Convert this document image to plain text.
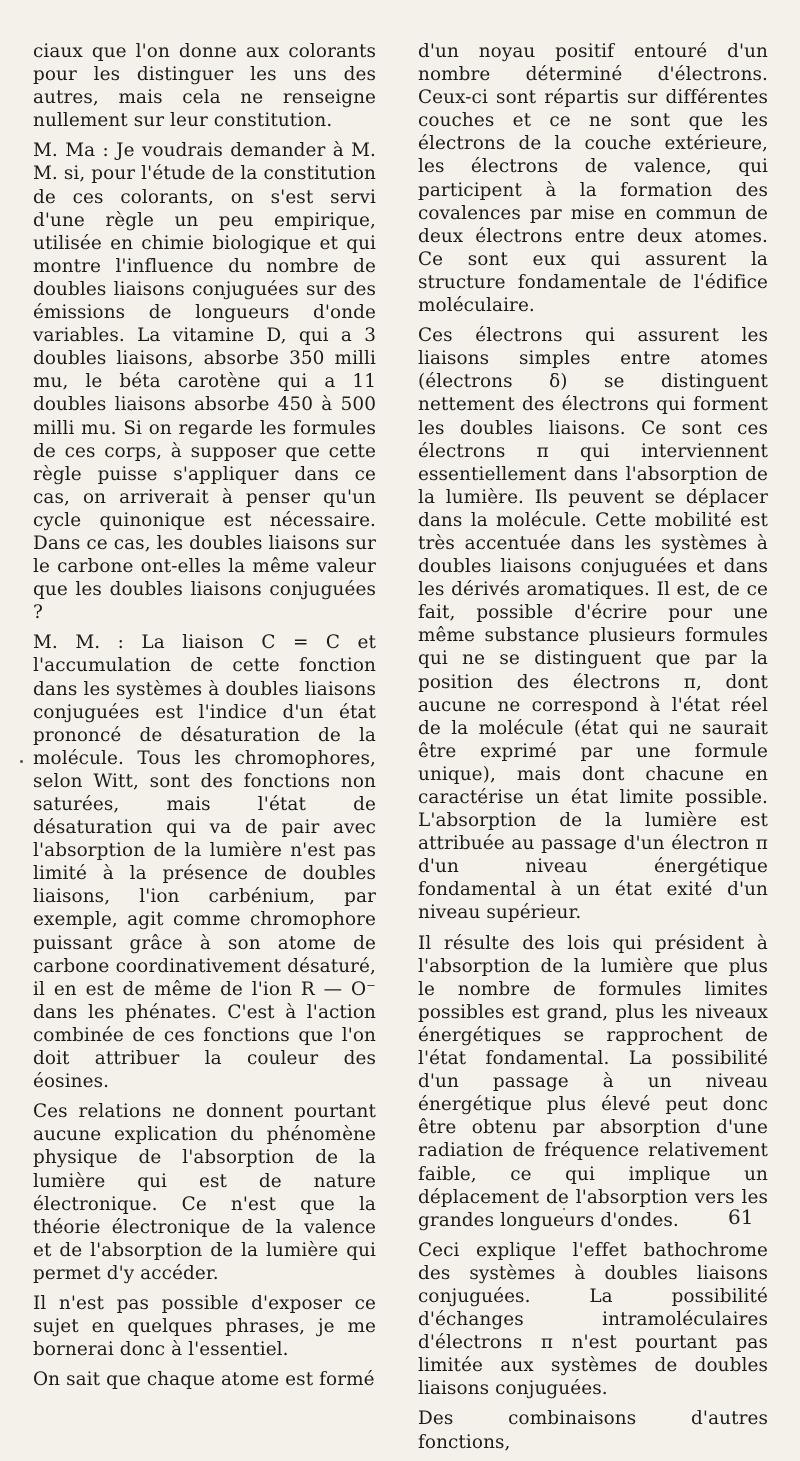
ciaux que l'on donne aux colorants pour les distinguer les uns des autres, mais cela ne renseigne nullement sur leur constitution.

M. Ma : Je voudrais demander à M. M. si, pour l'étude de la constitution de ces colorants, on s'est servi d'une règle un peu empirique, utilisée en chimie biologique et qui montre l'influence du nombre de doubles liaisons conjuguées sur des émissions de longueurs d'onde variables. La vitamine D, qui a 3 doubles liaisons, absorbe 350 milli mu, le béta carotène qui a 11 doubles liaisons absorbe 450 à 500 milli mu. Si on regarde les formules de ces corps, à supposer que cette règle puisse s'appliquer dans ce cas, on arriverait à penser qu'un cycle quinonique est nécessaire. Dans ce cas, les doubles liaisons sur le carbone ont-elles la même valeur que les doubles liaisons conjuguées ?

M. M. : La liaison C = C et l'accumulation de cette fonction dans les systèmes à doubles liaisons conjuguées est l'indice d'un état prononcé de désaturation de la molécule. Tous les chromophores, selon Witt, sont des fonctions non saturées, mais l'état de désaturation qui va de pair avec l'absorption de la lumière n'est pas limité à la présence de doubles liaisons, l'ion carbénium, par exemple, agit comme chromophore puissant grâce à son atome de carbone coordinativement désaturé, il en est de même de l'ion R — O⁻ dans les phénates. C'est à l'action combinée de ces fonctions que l'on doit attribuer la couleur des éosines.

Ces relations ne donnent pourtant aucune explication du phénomène physique de l'absorption de la lumière qui est de nature électronique. Ce n'est que la théorie électronique de la valence et de l'absorption de la lumière qui permet d'y accéder.

Il n'est pas possible d'exposer ce sujet en quelques phrases, je me bornerai donc à l'essentiel.

On sait que chaque atome est formé

d'un noyau positif entouré d'un nombre déterminé d'électrons. Ceux-ci sont répartis sur différentes couches et ce ne sont que les électrons de la couche extérieure, les électrons de valence, qui participent à la formation des covalences par mise en commun de deux électrons entre deux atomes. Ce sont eux qui assurent la structure fondamentale de l'édifice moléculaire.

Ces électrons qui assurent les liaisons simples entre atomes (électrons δ) se distinguent nettement des électrons qui forment les doubles liaisons. Ce sont ces électrons π qui interviennent essentiellement dans l'absorption de la lumière. Ils peuvent se déplacer dans la molécule. Cette mobilité est très accentuée dans les systèmes à doubles liaisons conjuguées et dans les dérivés aromatiques. Il est, de ce fait, possible d'écrire pour une même substance plusieurs formules qui ne se distinguent que par la position des électrons π, dont aucune ne correspond à l'état réel de la molécule (état qui ne saurait être exprimé par une formule unique), mais dont chacune en caractérise un état limite possible. L'absorption de la lumière est attribuée au passage d'un électron π d'un niveau énergétique fondamental à un état exité d'un niveau supérieur.

Il résulte des lois qui président à l'absorption de la lumière que plus le nombre de formules limites possibles est grand, plus les niveaux énergétiques se rapprochent de l'état fondamental. La possibilité d'un passage à un niveau énergétique plus élevé peut donc être obtenu par absorption d'une radiation de fréquence relativement faible, ce qui implique un déplacement de l'absorption vers les grandes longueurs d'ondes.

Ceci explique l'effet bathochrome des systèmes à doubles liaisons conjuguées. La possibilité d'échanges intramoléculaires d'électrons π n'est pourtant pas limitée aux systèmes de doubles liaisons conjuguées.

Des combinaisons d'autres fonctions,

61
